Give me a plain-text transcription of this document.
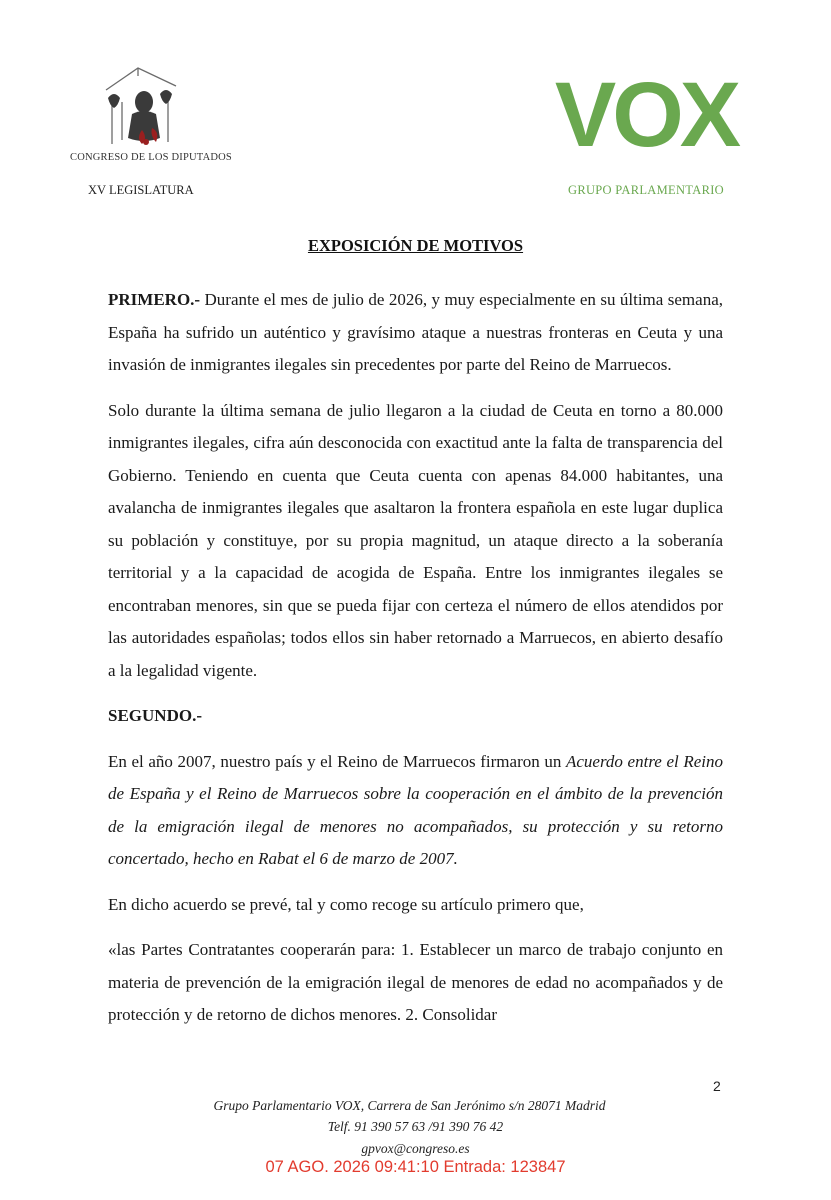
CONGRESO DE LOS DIPUTADOS
XV LEGISLATURA
VOX
GRUPO PARLAMENTARIO
EXPOSICIÓN DE MOTIVOS

PRIMERO.- Durante el mes de julio de 2026, y muy especialmente en su última semana, España ha sufrido un auténtico y gravísimo ataque a nuestras fronteras en Ceuta y una invasión de inmigrantes ilegales sin precedentes por parte del Reino de Marruecos.

Solo durante la última semana de julio llegaron a la ciudad de Ceuta en torno a 80.000 inmigrantes ilegales, cifra aún desconocida con exactitud ante la falta de transparencia del Gobierno. Teniendo en cuenta que Ceuta cuenta con apenas 84.000 habitantes, una avalancha de inmigrantes ilegales que asaltaron la frontera española en este lugar duplica su población y constituye, por su propia magnitud, un ataque directo a la soberanía territorial y a la capacidad de acogida de España. Entre los inmigrantes ilegales se encontraban menores, sin que se pueda fijar con certeza el número de ellos atendidos por las autoridades españolas; todos ellos sin haber retornado a Marruecos, en abierto desafío a la legalidad vigente.

SEGUNDO.-

En el año 2007, nuestro país y el Reino de Marruecos firmaron un Acuerdo entre el Reino de España y el Reino de Marruecos sobre la cooperación en el ámbito de la prevención de la emigración ilegal de menores no acompañados, su protección y su retorno concertado, hecho en Rabat el 6 de marzo de 2007.

En dicho acuerdo se prevé, tal y como recoge su artículo primero que,

«las Partes Contratantes cooperarán para: 1. Establecer un marco de trabajo conjunto en materia de prevención de la emigración ilegal de menores de edad no acompañados y de protección y de retorno de dichos menores. 2. Consolidar

2
Grupo Parlamentario VOX, Carrera de San Jerónimo s/n 28071 Madrid
Telf. 91 390 57 63 /91 390 76 42
gpvox@congreso.es
07 AGO. 2026 09:41:10 Entrada: 123847
